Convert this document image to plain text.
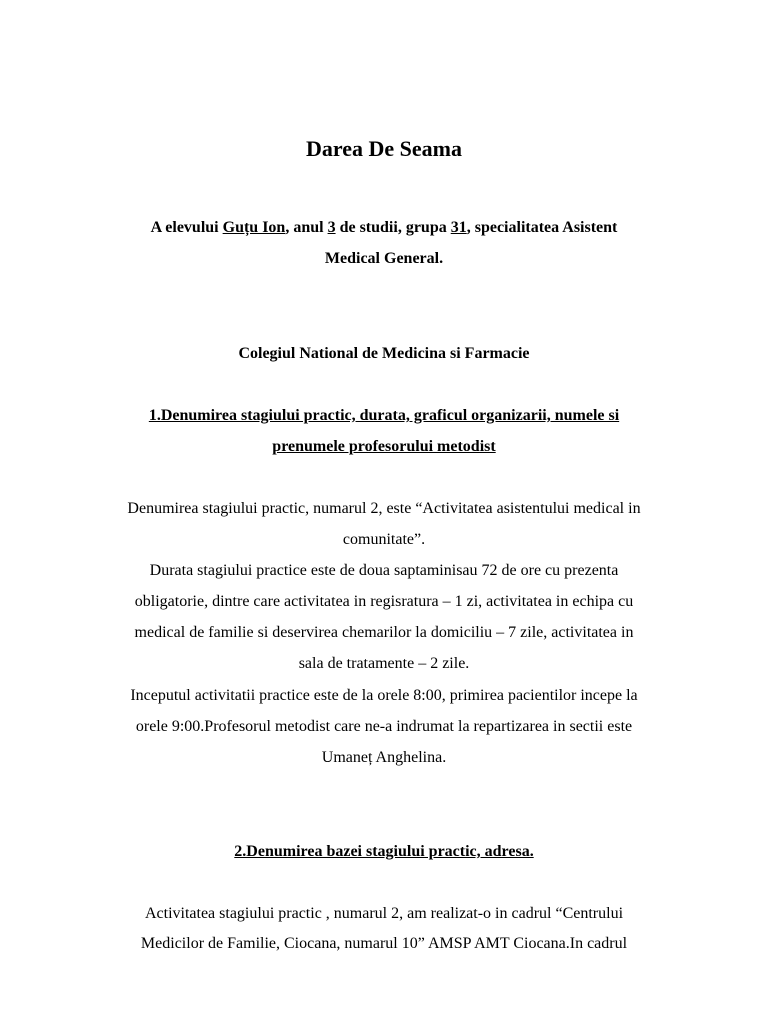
Darea De Seama
A elevului Guțu Ion, anul 3 de studii, grupa 31, specialitatea Asistent
Medical General.
Colegiul National de Medicina si Farmacie
1.Denumirea stagiului practic, durata, graficul organizarii, numele si
prenumele profesorului metodist
Denumirea stagiului practic, numarul 2, este “Activitatea asistentului medical in
comunitate”.
Durata stagiului practice este de doua saptaminisau 72 de ore cu prezenta
obligatorie, dintre care activitatea in regisratura – 1 zi, activitatea in echipa cu
medical de familie si deservirea chemarilor la domiciliu – 7 zile, activitatea in
sala de tratamente – 2 zile.
Inceputul activitatii practice este de la orele 8:00, primirea pacientilor incepe la
orele 9:00.Profesorul metodist care ne-a indrumat la repartizarea in sectii este
Umaneț Anghelina.
2.Denumirea bazei stagiului practic, adresa.
Activitatea stagiului practic , numarul 2, am realizat-o in cadrul “Centrului
Medicilor de Familie, Ciocana, numarul 10” AMSP AMT Ciocana.In cadrul
